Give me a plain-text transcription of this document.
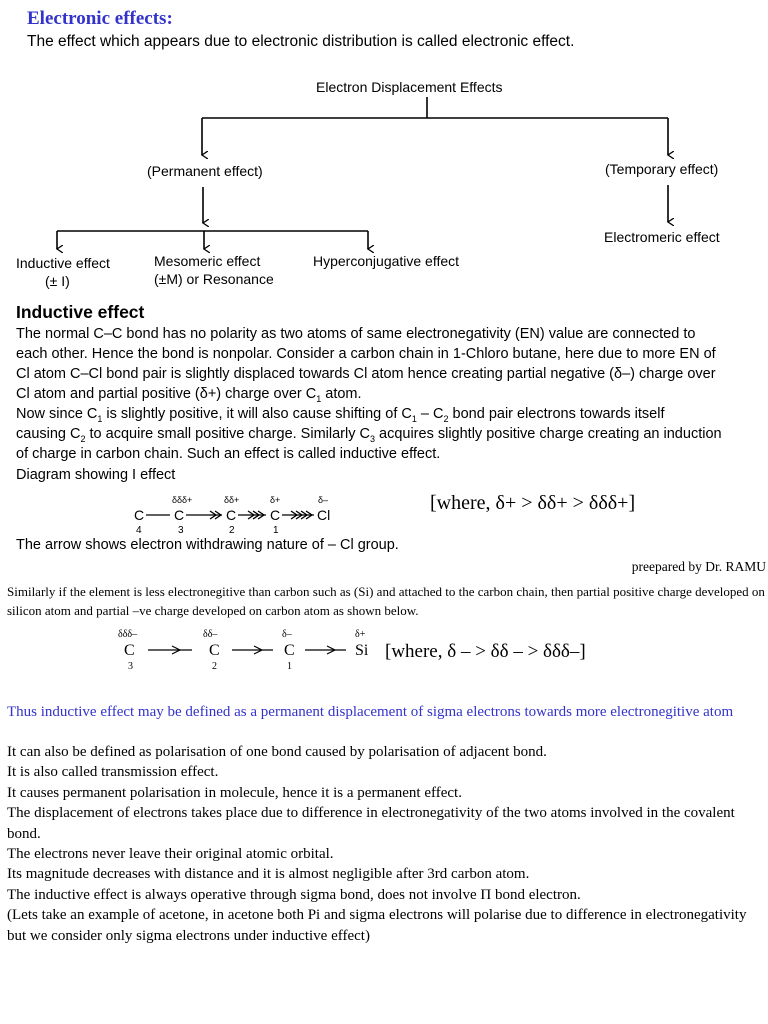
Electronic effects:
The effect which appears due to electronic distribution is called electronic effect.
Electron Displacement Effects
(Permanent effect)	(Temporary effect)
Electromeric effect
Inductive effect
(± I)
Mesomeric effect
(±M) or Resonance
Hyperconjugative effect
Inductive effect
The normal C–C bond has no polarity as two atoms of same electronegativity (EN) value are connected to
each other. Hence the bond is nonpolar. Consider a carbon chain in 1-Chloro butane, here due to more EN of
Cl atom C–Cl bond pair is slightly displaced towards Cl atom hence creating partial negative (δ–) charge over
Cl atom and partial positive (δ+) charge over $C_1$ atom.
Now since $C_1$ is slightly positive, it will also cause shifting of $C_1 - C_2$ bond pair electrons towards itself
causing $C_2$ to acquire small positive charge. Similarly $C_3$ acquires slightly positive charge creating an induction
of charge in carbon chain. Such an effect is called inductive effect.
Diagram showing I effect
C C	C C	Cl
4	3	2	1
δδδ+	δδ+	δ+	δ–	[where, δ+ > δδ+ > δδδ+]
The arrow shows electron withdrawing nature of – Cl group.
preepared by Dr. RAMU
Similarly if the element is less electronegitive than carbon such as (Si) and attached to the carbon chain, then partial positive charge developed on silicon atom and partial –ve charge developed on carbon atom as shown below.
δδδ–	δδ–	δ–	δ+
C	C	C	Si
3	2	1
[where, δ – > δδ – > δδδ–]
Thus inductive effect may be defined as a permanent displacement of sigma electrons towards more electronegitive atom
It can also be defined as polarisation of one bond caused by polarisation of adjacent bond.
It is also called transmission effect.
It causes permanent polarisation in molecule, hence it is a permanent effect.
The displacement of electrons takes place due to difference in electronegativity of the two atoms involved in the covalent bond.
The electrons never leave their original atomic orbital.
Its magnitude decreases with distance and it is almost negligible after 3rd carbon atom.
The inductive effect is always operative through sigma bond, does not involve Π bond electron.
(Lets take an example of acetone, in acetone both Pi and sigma electrons will polarise due to difference in electronegativity but we consider only sigma electrons under inductive effect)
